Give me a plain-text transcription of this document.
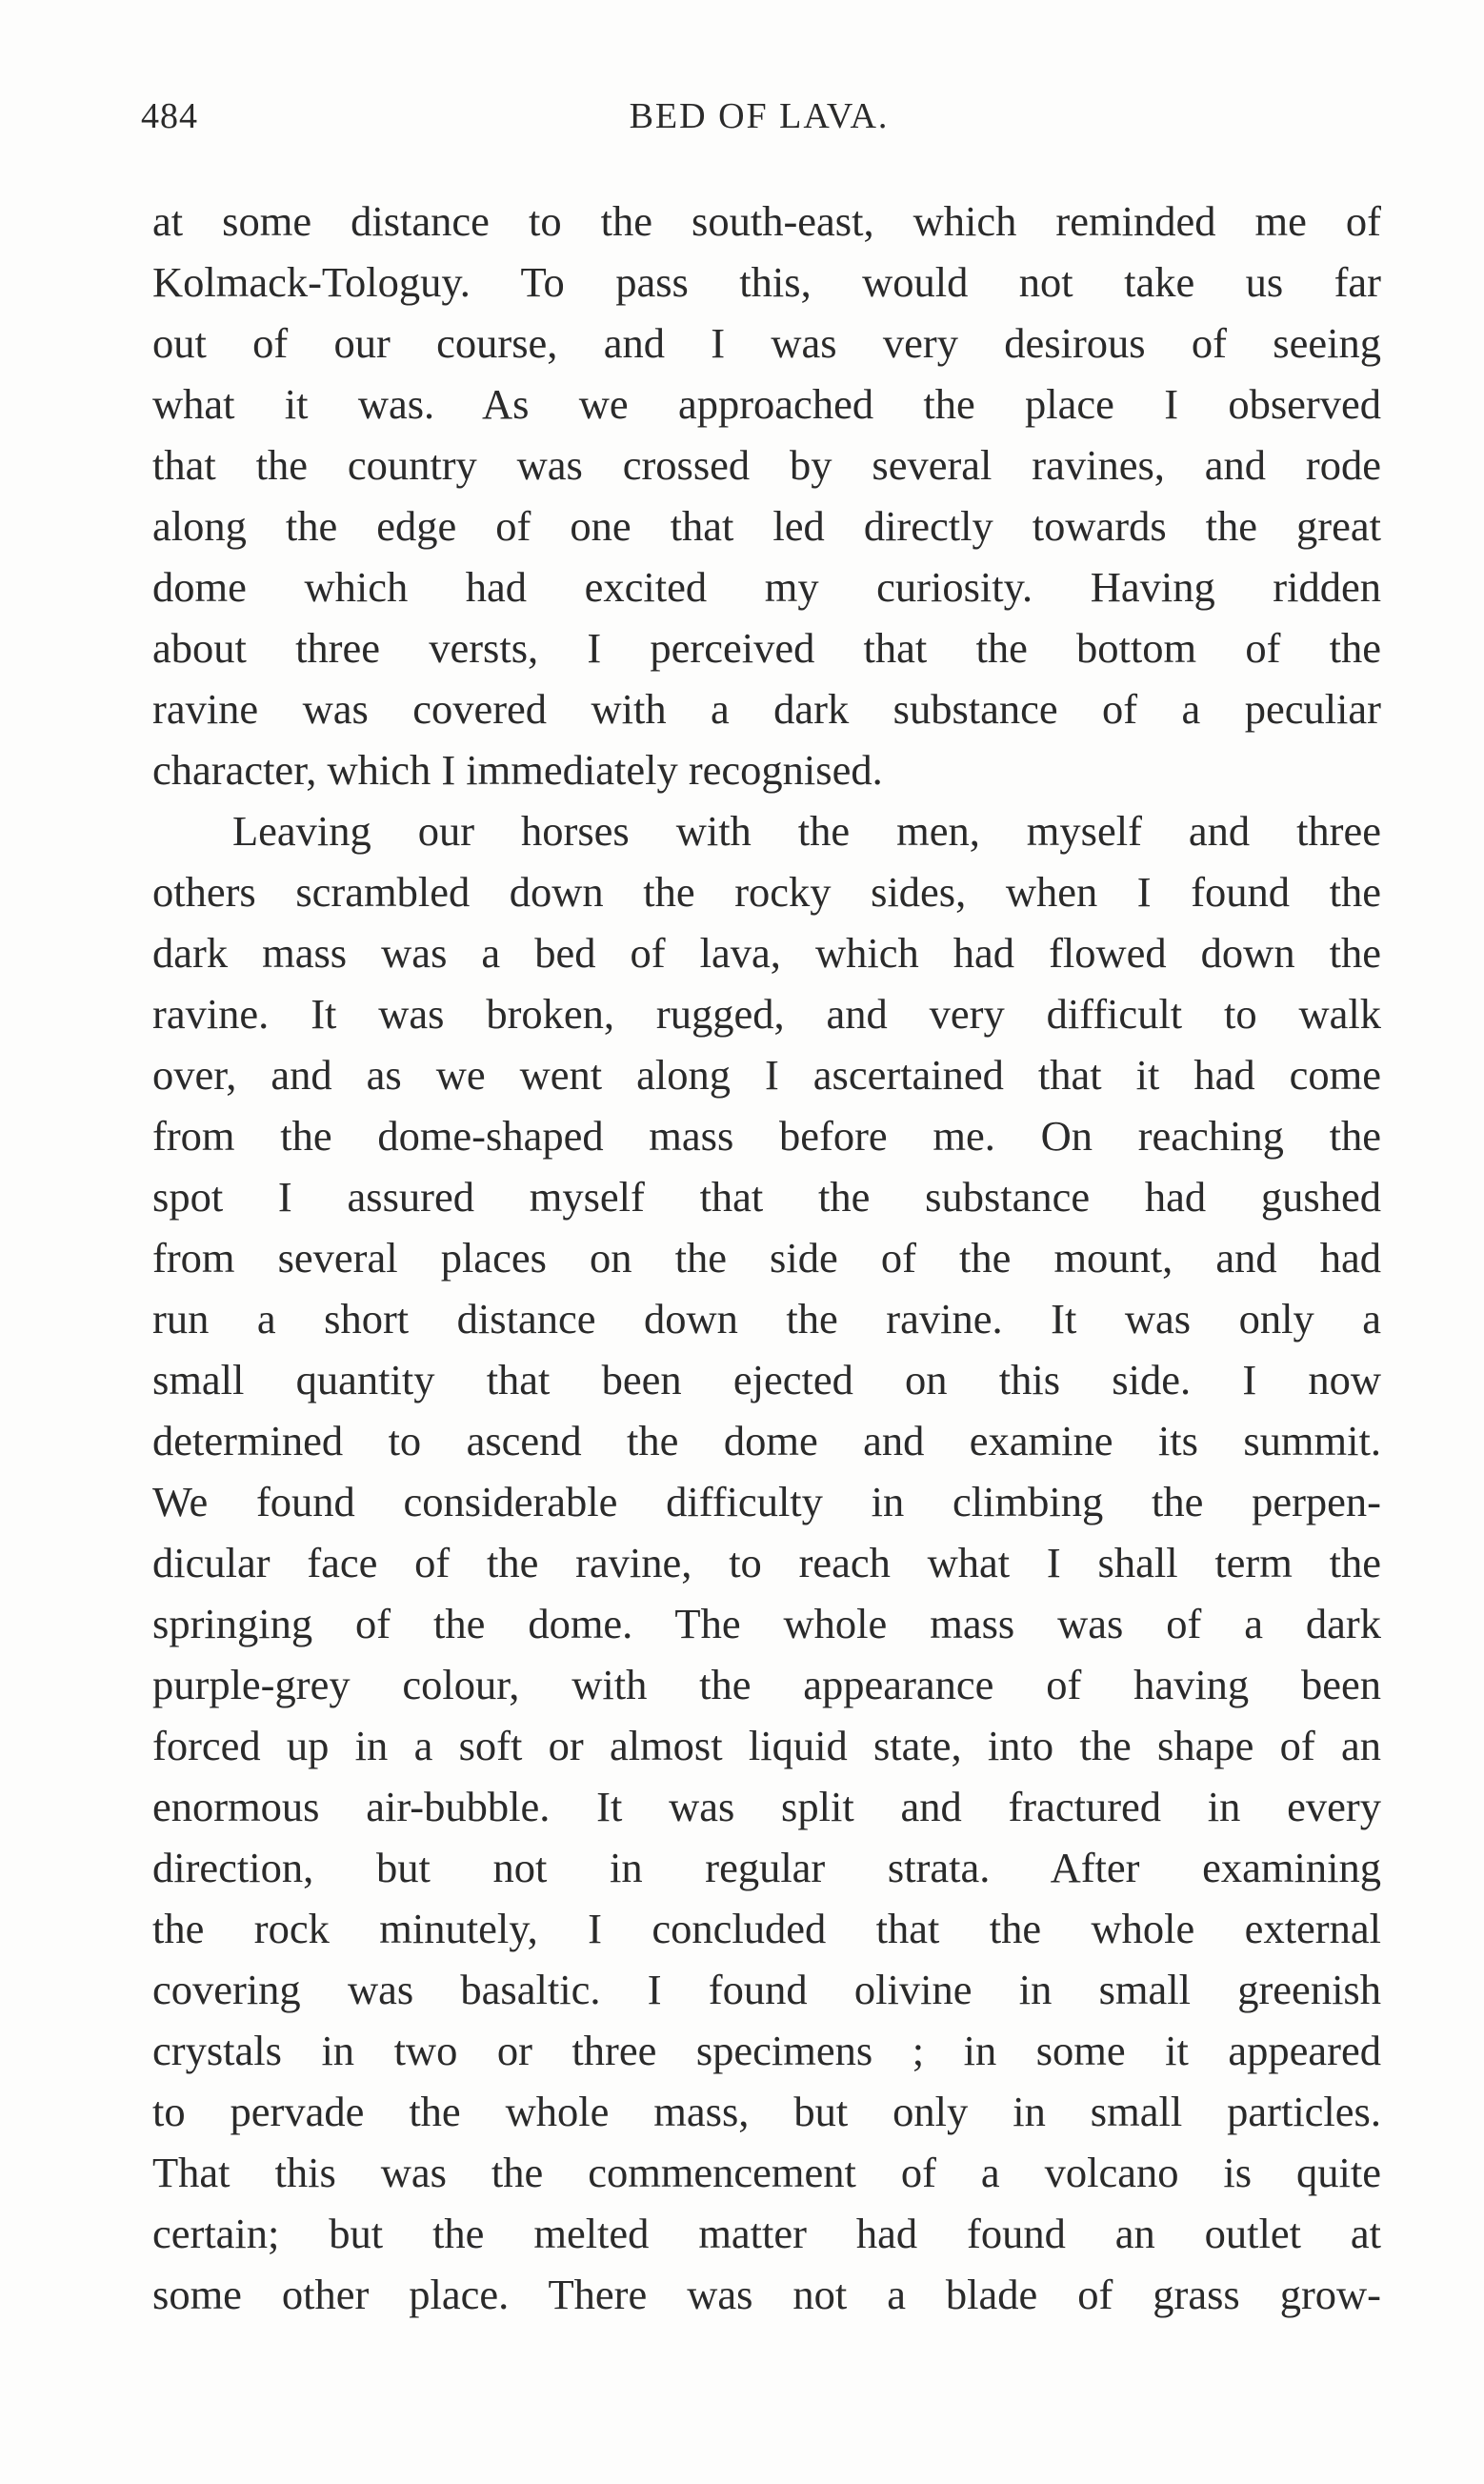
484	BED OF LAVA.
at some distance to the south-east, which reminded me of
Kolmack-Tologuy. To pass this, would not take us far
out of our course, and I was very desirous of seeing
what it was. As we approached the place I observed
that the country was crossed by several ravines, and rode
along the edge of one that led directly towards the great
dome which had excited my curiosity. Having ridden
about three versts, I perceived that the bottom of the
ravine was covered with a dark substance of a peculiar
character, which I immediately recognised.
Leaving our horses with the men, myself and three
others scrambled down the rocky sides, when I found the
dark mass was a bed of lava, which had flowed down the
ravine. It was broken, rugged, and very difficult to walk
over, and as we went along I ascertained that it had come
from the dome-shaped mass before me. On reaching the
spot I assured myself that the substance had gushed
from several places on the side of the mount, and had
run a short distance down the ravine. It was only a
small quantity that been ejected on this side. I now
determined to ascend the dome and examine its summit.
We found considerable difficulty in climbing the perpen-
dicular face of the ravine, to reach what I shall term the
springing of the dome. The whole mass was of a dark
purple-grey colour, with the appearance of having been
forced up in a soft or almost liquid state, into the shape of an
enormous air-bubble. It was split and fractured in every
direction, but not in regular strata. After examining
the rock minutely, I concluded that the whole external
covering was basaltic. I found olivine in small greenish
crystals in two or three specimens ; in some it appeared
to pervade the whole mass, but only in small particles.
That this was the commencement of a volcano is quite
certain; but the melted matter had found an outlet at
some other place. There was not a blade of grass grow-
